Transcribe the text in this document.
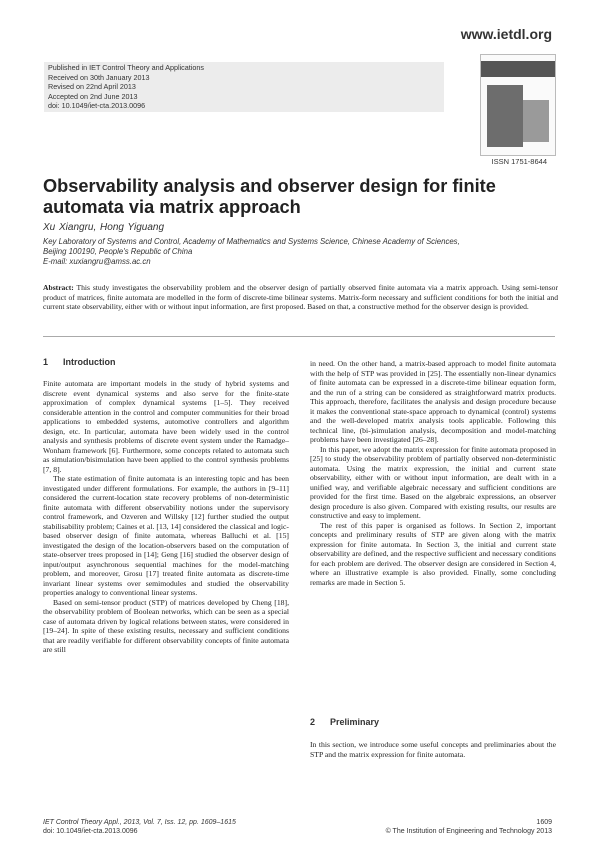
www.ietdl.org
Published in IET Control Theory and Applications
Received on 30th January 2013
Revised on 22nd April 2013
Accepted on 2nd June 2013
doi: 10.1049/iet-cta.2013.0096
ISSN 1751-8644
Observability analysis and observer design for finite automata via matrix approach
Xu Xiangru, Hong Yiguang
Key Laboratory of Systems and Control, Academy of Mathematics and Systems Science, Chinese Academy of Sciences,
Beijing 100190, People's Republic of China
E-mail: xuxiangru@amss.ac.cn
Abstract: This study investigates the observability problem and the observer design of partially observed finite automata via a matrix approach. Using semi-tensor product of matrices, finite automata are modelled in the form of discrete-time bilinear systems. Matrix-form necessary and sufficient conditions for both the initial and current state observability, either with or without input information, are first proposed. Based on that, a constructive method for the observer design is provided.
1 Introduction

Finite automata are important models in the study of hybrid systems and discrete event dynamical systems and also serve for the finite-state approximation of complex dynamical systems [1–5]. They received considerable attention in the control and computer communities for their broad applications to embedded systems, automotive controllers and algorithm design, etc. In particular, automata have been widely used in the control analysis and synthesis problems of discrete event system under the Ramadge–Wonham framework [6]. Furthermore, some concepts related to automata such as simulation/bisimulation have been applied to the control synthesis problems [7, 8].

The state estimation of finite automata is an interesting topic and has been investigated under different formulations. For example, the authors in [9–11] considered the current-location state recovery problems of non-deterministic finite automata with different observability notions under the supervisory control framework, and Ozveren and Willsky [12] further studied the output stabilisability problem; Caines et al. [13, 14] considered the classical and logic-based observer design of finite automata, whereas Balluchi et al. [15] investigated the design of the location-observers based on the computation of state-observer trees proposed in [14]; Geng [16] studied the observer design of input/output asynchronous sequential machines for the model-matching problem, and moreover, Grosu [17] treated finite automata as discrete-time invariant linear systems over semimodules and studied the observability properties analogy to conventional linear systems.

Based on semi-tensor product (STP) of matrices developed by Cheng [18], the observability problem of Boolean networks, which can be seen as a special case of automata driven by logical relations between states, were considered in [19–24]. In spite of these existing results, necessary and sufficient conditions that are readily verifiable for different observability concepts of finite automata are still

in need. On the other hand, a matrix-based approach to model finite automata with the help of STP was provided in [25]. The essentially non-linear dynamics of finite automata can be expressed in a discrete-time bilinear equation form, and the run of a string can be considered as straightforward matrix products. This approach, therefore, facilitates the analysis and design procedure because it makes the conventional state-space approach to dynamical (control) systems and the well-developed matrix analysis tools applicable. Following this technical line, (bi-)simulation analysis, decomposition and model-matching problems have been investigated [26–28].

In this paper, we adopt the matrix expression for finite automata proposed in [25] to study the observability problem of partially observed non-deterministic automata. Using the matrix expression, the initial and current state observability, either with or without input information, are dealt with in a unified way, and verifiable algebraic necessary and sufficient conditions are provided for the first time. Based on the algebraic expressions, an observer design procedure is also given. Compared with existing results, our results are constructive and easy to implement.

The rest of this paper is organised as follows. In Section 2, important concepts and preliminary results of STP are given along with the matrix expression for finite automata. In Section 3, the initial and current state observability are defined, and the respective sufficient and necessary conditions for each problem are derived. The observer design are considered in Section 4, where an illustrative example is also provided. Finally, some concluding remarks are made in Section 5.

2 Preliminary

In this section, we introduce some useful concepts and preliminaries about the STP and the matrix expression for finite automata.

IET Control Theory Appl., 2013, Vol. 7, Iss. 12, pp. 1609–1615
doi: 10.1049/iet-cta.2013.0096
1609
© The Institution of Engineering and Technology 2013
